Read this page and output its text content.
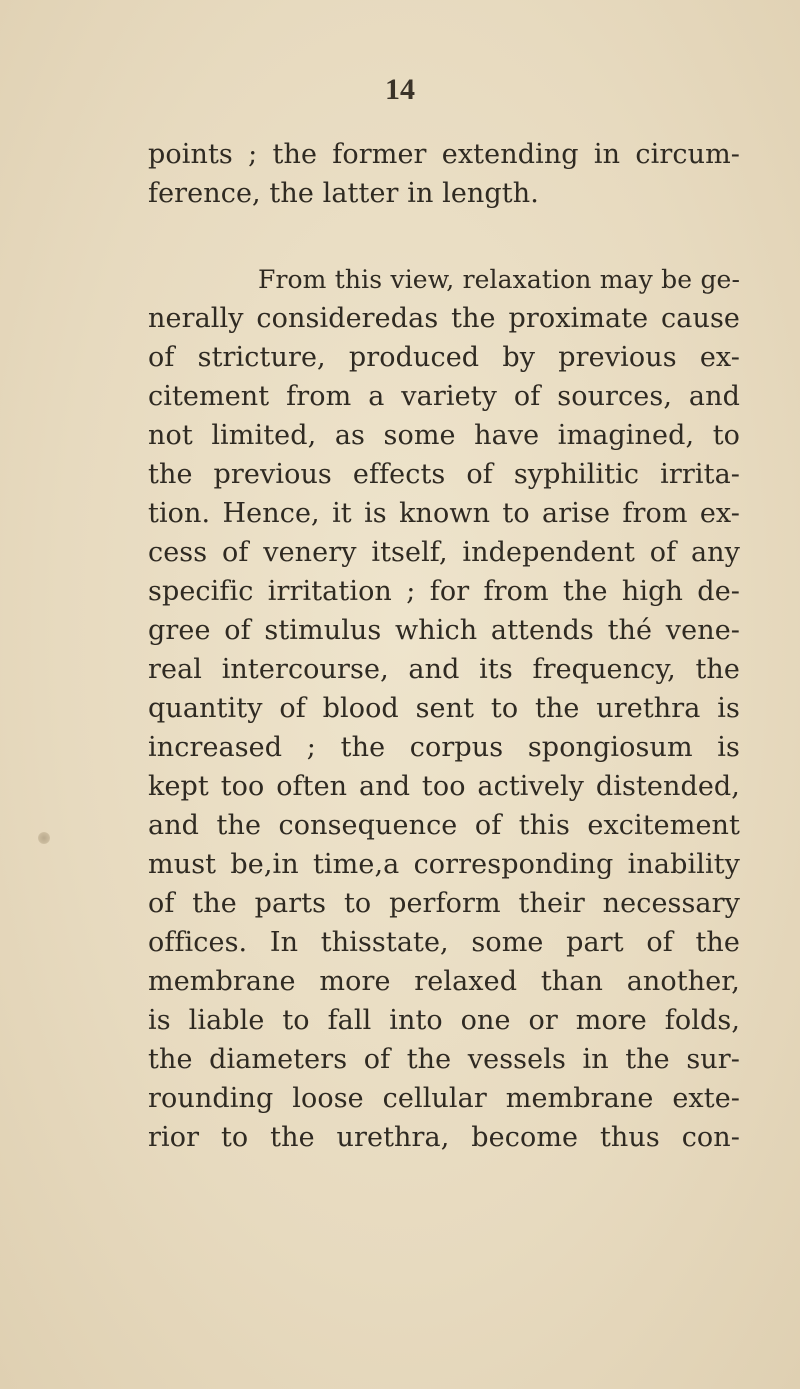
14
points ; the former extending in circum-
ference, the latter in length.
From this view, relaxation may be ge-
nerally consideredas the proximate cause
of stricture, produced by previous ex-
citement from a variety of sources, and
not limited, as some have imagined, to
the previous effects of syphilitic irrita-
tion. Hence, it is known to arise from ex-
cess of venery itself, independent of any
specific irritation ; for from the high de-
gree of stimulus which attends thé vene-
real intercourse, and its frequency, the
quantity of blood sent to the urethra is
increased ; the corpus spongiosum is
kept too often and too actively distended,
and the consequence of this excitement
must be,in time,a corresponding inability
of the parts to perform their necessary
offices. In thisstate, some part of the
membrane more relaxed than another,
is liable to fall into one or more folds,
the diameters of the vessels in the sur-
rounding loose cellular membrane exte-
rior to the urethra, become thus con-
